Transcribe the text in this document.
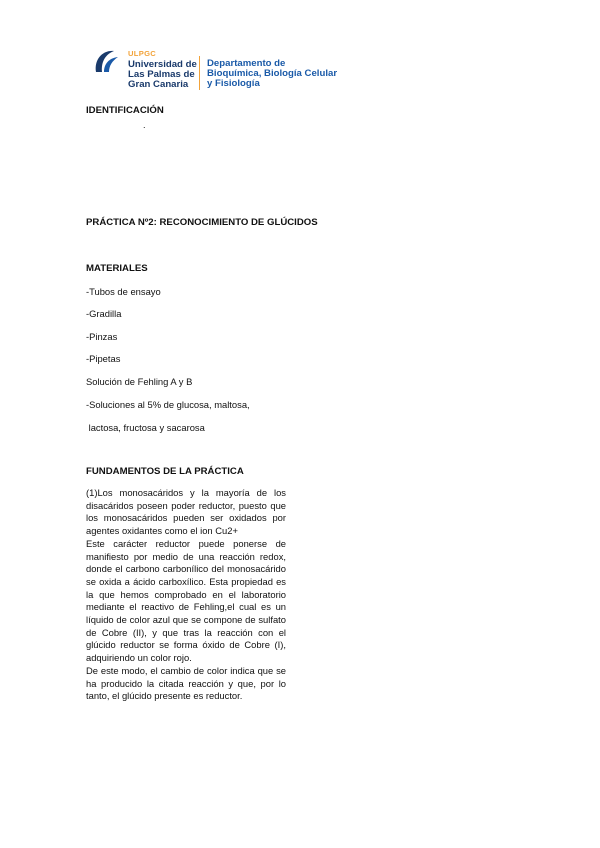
ULPGC
Universidad de
Las Palmas de
Gran Canaria
Departamento de
Bioquímica, Biología Celular
y Fisiología
IDENTIFICACIÓN
.
PRÁCTICA Nº2: RECONOCIMIENTO DE GLÚCIDOS
MATERIALES
-Tubos de ensayo
-Gradilla
-Pinzas
-Pipetas
Solución de Fehling A y B
-Soluciones al 5% de glucosa, maltosa,
lactosa, fructosa y sacarosa
FUNDAMENTOS DE LA PRÁCTICA

(1)Los monosacáridos y la mayoría de los disacáridos poseen poder reductor, puesto que los monosacáridos pueden ser oxidados por agentes oxidantes como el ion Cu2+

Este carácter reductor puede ponerse de manifiesto por medio de una reacción redox, donde el carbono carbonílico del monosacárido se oxida a ácido carboxílico. Esta propiedad es la que hemos comprobado en el laboratorio mediante el reactivo de Fehling,el cual es un líquido de color azul que se compone de sulfato de Cobre (II), y que tras la reacción con el glúcido reductor se forma óxido de Cobre (I), adquiriendo un color rojo.

De este modo, el cambio de color indica que se ha producido la citada reacción y que, por lo tanto, el glúcido presente es reductor.
